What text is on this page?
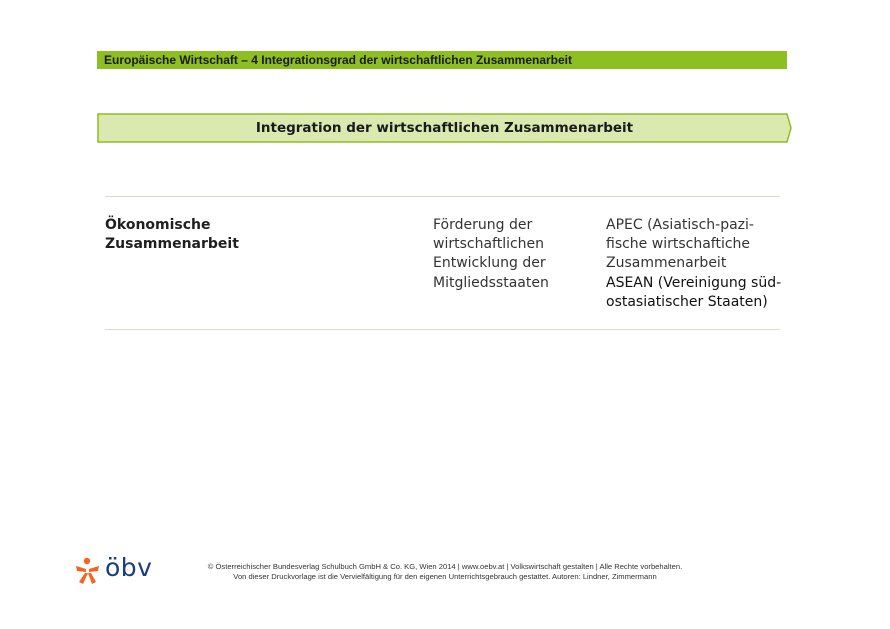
Europäische Wirtschaft – 4 Integrationsgrad der wirtschaftlichen Zusammenarbeit
Integration der wirtschaftlichen Zusammenarbeit
Ökonomische
Zusammenarbeit
Förderung der
wirtschaftlichen
Entwicklung der
Mitgliedsstaaten
APEC (Asiatisch-pazi-
fische wirtschaftiche
Zusammenarbeit
ASEAN (Vereinigung süd-
ostasiatischer Staaten)
öbv	© Österreichischer Bundesverlag Schulbuch GmbH & Co. KG, Wien 2014 | www.oebv.at | Volkswirtschaft gestalten | Alle Rechte vorbehalten.
Von dieser Druckvorlage ist die Vervielfältigung für den eigenen Unterrichtsgebrauch gestattet. Autoren: Lindner, Zimmermann
